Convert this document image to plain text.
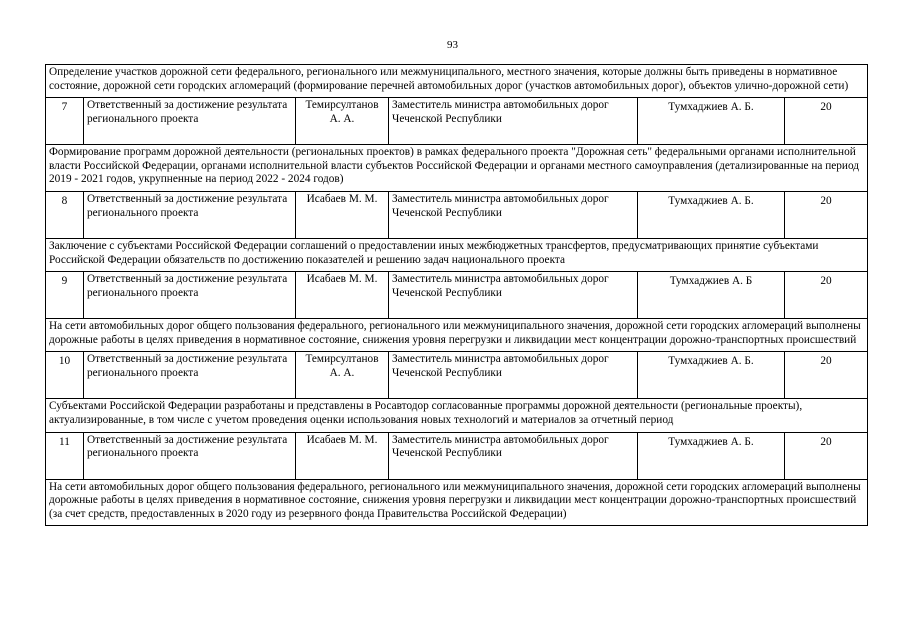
93
Определение участков дорожной сети федерального, регионального или межмуниципального, местного значения, которые должны быть приведены в нормативное состояние, дорожной сети городских агломераций (формирование перечней автомобильных дорог (участков автомобильных дорог), объектов улично-дорожной сети)					
7	Ответственный за достижение результата регионального проекта	Темирсултанов А. А.	Заместитель министра автомобильных дорог Чеченской Республики	Тумхаджиев А. Б.	20
Формирование программ дорожной деятельности (региональных проектов) в рамках федерального проекта "Дорожная сеть" федеральными органами исполнительной власти Российской Федерации, органами исполнительной власти субъектов Российской Федерации и органами местного самоуправления (детализированные на период 2019 - 2021 годов, укрупненные на период 2022 - 2024 годов)					
8	Ответственный за достижение результата регионального проекта	Исабаев М. М.	Заместитель министра автомобильных дорог Чеченской Республики	Тумхаджиев А. Б.	20
Заключение с субъектами Российской Федерации соглашений о предоставлении иных межбюджетных трансфертов, предусматривающих принятие субъектами Российской Федерации обязательств по достижению показателей и решению задач национального проекта					
9	Ответственный за достижение результата регионального проекта	Исабаев М. М.	Заместитель министра автомобильных дорог Чеченской Республики	Тумхаджиев А. Б	20
На сети автомобильных дорог общего пользования федерального, регионального или межмуниципального значения, дорожной сети городских агломераций выполнены дорожные работы в целях приведения в нормативное состояние, снижения уровня перегрузки и ликвидации мест концентрации дорожно-транспортных происшествий					
10	Ответственный за достижение результата регионального проекта	Темирсултанов А. А.	Заместитель министра автомобильных дорог Чеченской Республики	Тумхаджиев А. Б.	20
Субъектами Российской Федерации разработаны и представлены в Росавтодор согласованные программы дорожной деятельности (региональные проекты), актуализированные, в том числе с учетом проведения оценки использования новых технологий и материалов за отчетный период					
11	Ответственный за достижение результата регионального проекта	Исабаев М. М.	Заместитель министра автомобильных дорог Чеченской Республики	Тумхаджиев А. Б.	20
На сети автомобильных дорог общего пользования федерального, регионального или межмуниципального значения, дорожной сети городских агломераций выполнены дорожные работы в целях приведения в нормативное состояние, снижения уровня перегрузки и ликвидации мест концентрации дорожно-транспортных происшествий (за счет средств, предоставленных в 2020 году из резервного фонда Правительства Российской Федерации)					
